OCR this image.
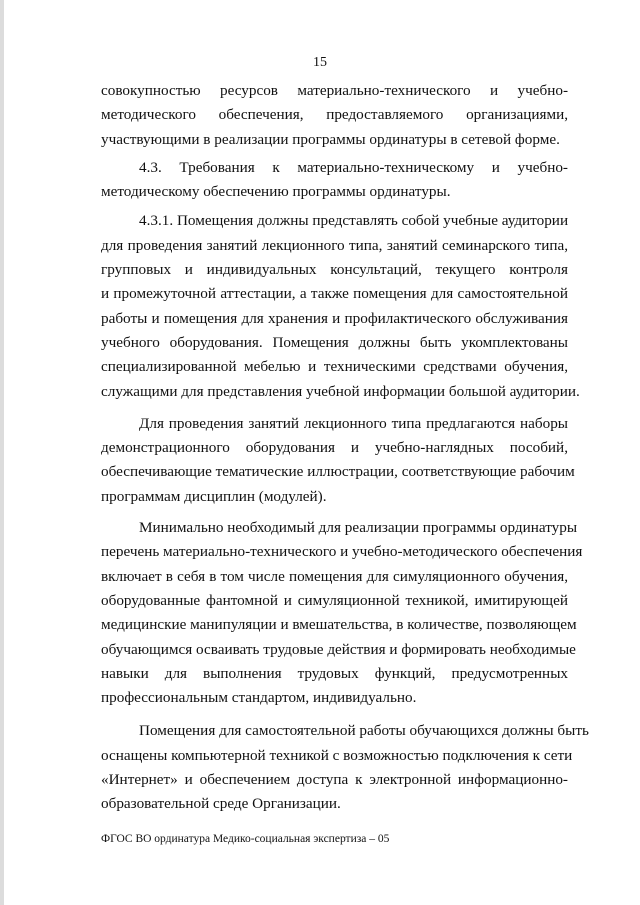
15

совокупностью ресурсов материально-технического и учебно-
методического обеспечения, предоставляемого организациями,
участвующими в реализации программы ординатуры в сетевой форме.

4.3. Требования к материально-техническому и учебно-
методическому обеспечению программы ординатуры.

4.3.1. Помещения должны представлять собой учебные аудитории
для проведения занятий лекционного типа, занятий семинарского типа,
групповых и индивидуальных консультаций, текущего контроля
и промежуточной аттестации, а также помещения для самостоятельной
работы и помещения для хранения и профилактического обслуживания
учебного оборудования. Помещения должны быть укомплектованы
специализированной мебелью и техническими средствами обучения,
служащими для представления учебной информации большой аудитории.

Для проведения занятий лекционного типа предлагаются наборы
демонстрационного оборудования и учебно-наглядных пособий,
обеспечивающие тематические иллюстрации, соответствующие рабочим
программам дисциплин (модулей).

Минимально необходимый для реализации программы ординатуры
перечень материально-технического и учебно-методического обеспечения
включает в себя в том числе помещения для симуляционного обучения,
оборудованные фантомной и симуляционной техникой, имитирующей
медицинские манипуляции и вмешательства, в количестве, позволяющем
обучающимся осваивать трудовые действия и формировать необходимые
навыки для выполнения трудовых функций, предусмотренных
профессиональным стандартом, индивидуально.

Помещения для самостоятельной работы обучающихся должны быть
оснащены компьютерной техникой с возможностью подключения к сети
«Интернет» и обеспечением доступа к электронной информационно-
образовательной среде Организации.

ФГОС ВО ординатура Медико-социальная экспертиза – 05
